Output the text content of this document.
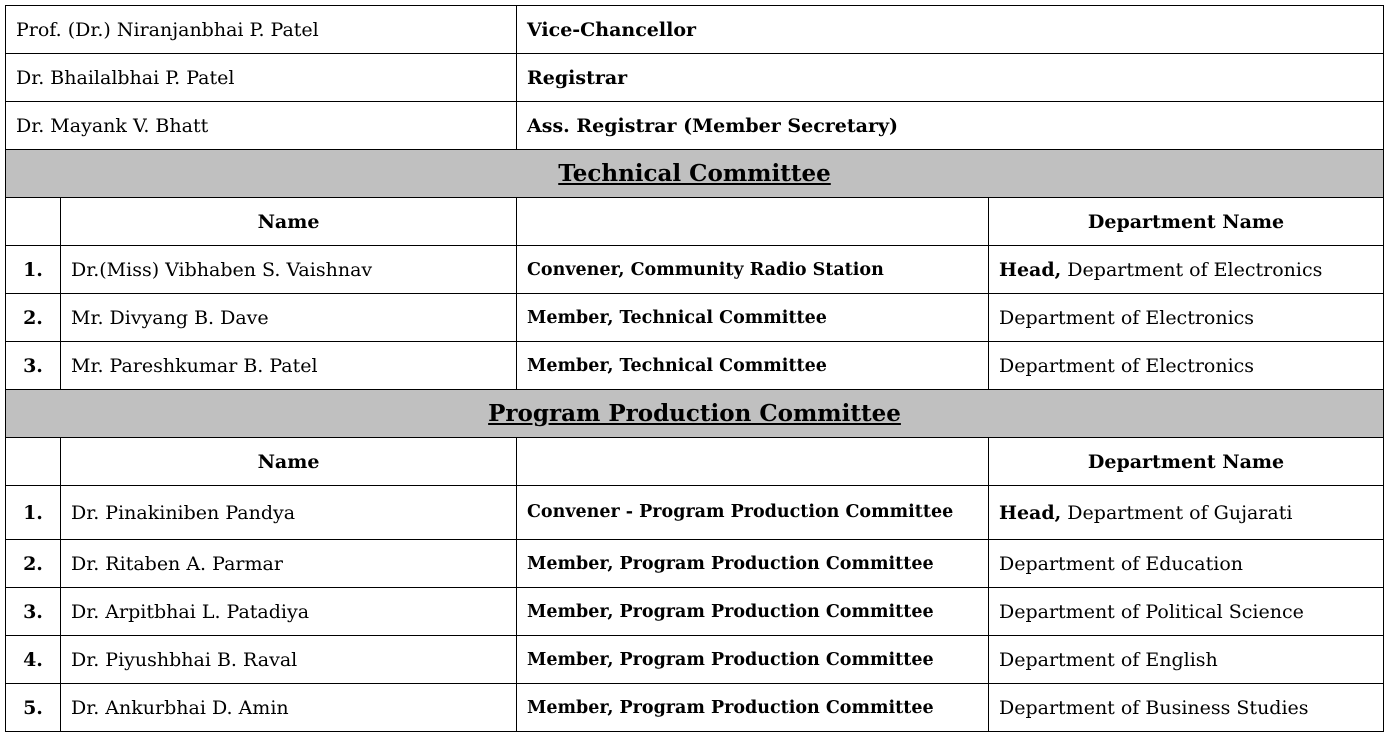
Prof. (Dr.) Niranjanbhai P. Patel		Vice-Chancellor	
Dr. Bhailalbhai P. Patel		Registrar	
Dr. Mayank V. Bhatt		Ass. Registrar (Member Secretary)	
Technical Committee			
	Name		Department Name
1.	Dr.(Miss) Vibhaben S. Vaishnav	Convener, Community Radio Station	Head, Department of Electronics
2.	Mr. Divyang B. Dave	Member, Technical Committee	Department of Electronics
3.	Mr. Pareshkumar B. Patel	Member, Technical Committee	Department of Electronics
Program Production Committee			
	Name		Department Name
1.	Dr. Pinakiniben Pandya	Convener - Program Production Committee	Head, Department of Gujarati
2.	Dr. Ritaben A. Parmar	Member, Program Production Committee	Department of Education
3.	Dr. Arpitbhai L. Patadiya	Member, Program Production Committee	Department of Political Science
4.	Dr. Piyushbhai B. Raval	Member, Program Production Committee	Department of English
5.	Dr. Ankurbhai D. Amin	Member, Program Production Committee	Department of Business Studies
